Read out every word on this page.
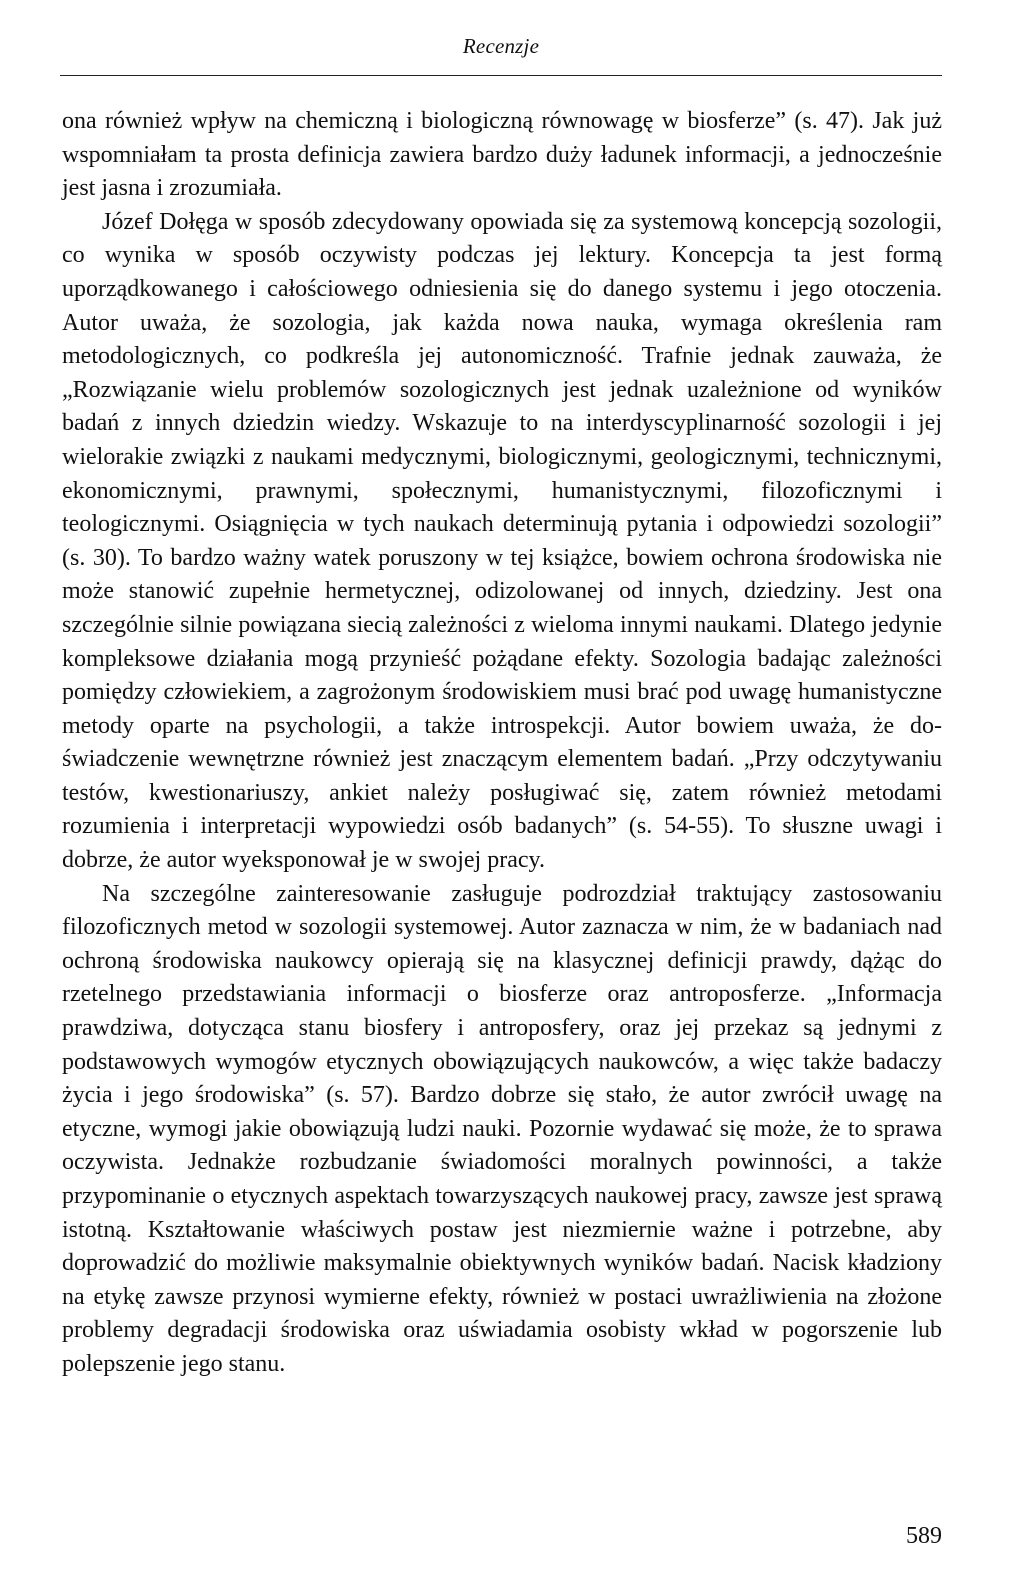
Recenzje

ona również wpływ na chemiczną i biologiczną równowagę w biosferze” (s. 47). Jak już wspomniałam ta prosta definicja zawiera bardzo duży ładunek informacji, a jednocześnie jest jasna i zrozumiała.

Józef Dołęga w sposób zdecydowany opowiada się za systemową koncepcją sozologii, co wynika w sposób oczywisty podczas jej lektury. Koncepcja ta jest formą uporządkowanego i całościowego odniesienia się do danego systemu i jego otoczenia. Autor uważa, że sozologia, jak każda nowa nauka, wymaga określenia ram metodologicznych, co podkreśla jej autonomiczność. Trafnie jednak zauważa, że „Rozwiązanie wielu problemów sozologicznych jest jednak uzależnione od wyników badań z innych dziedzin wiedzy. Wskazuje to na interdyscyplinarność sozologii i jej wielorakie związki z naukami medycznymi, biologicznymi, geologicznymi, technicznymi, ekonomicznymi, prawnymi, społecznymi, humanistycznymi, filozoficznymi i teologicznymi. Osiągnięcia w tych naukach determinują pytania i odpowiedzi sozologii” (s. 30). To bardzo ważny watek poruszony w tej książce, bowiem ochrona środowiska nie może stanowić zupełnie hermetycznej, odizolowanej od innych, dziedziny. Jest ona szczególnie silnie powiązana siecią zależności z wieloma innymi naukami. Dlatego jedynie kompleksowe działania mogą przynieść pożądane efekty. Sozologia badając zależności pomiędzy człowiekiem, a zagrożonym środowiskiem musi brać pod uwagę humanistyczne metody oparte na psychologii, a także introspekcji. Autor bowiem uważa, że doświadczenie wewnętrzne również jest znaczącym elementem badań. „Przy odczytywaniu testów, kwestionariuszy, ankiet należy posługiwać się, zatem również metodami rozumienia i interpretacji wypowiedzi osób badanych” (s. 54-55). To słuszne uwagi i dobrze, że autor wyeksponował je w swojej pracy.

Na szczególne zainteresowanie zasługuje podrozdział traktujący zastosowaniu filozoficznych metod w sozologii systemowej. Autor zaznacza w nim, że w badaniach nad ochroną środowiska naukowcy opierają się na klasycznej definicji prawdy, dążąc do rzetelnego przedstawiania informacji o biosferze oraz antroposferze. „Informacja prawdziwa, dotycząca stanu biosfery i antroposfery, oraz jej przekaz są jednymi z podstawowych wymogów etycznych obowiązujących naukowców, a więc także badaczy życia i jego środowiska” (s. 57). Bardzo dobrze się stało, że autor zwrócił uwagę na etyczne, wymogi jakie obowiązują ludzi nauki. Pozornie wydawać się może, że to sprawa oczywista. Jednakże rozbudzanie świadomości moralnych powinności, a także przypominanie o etycznych aspektach towarzyszących naukowej pracy, zawsze jest sprawą istotną. Kształtowanie właściwych postaw jest niezmiernie ważne i potrzebne, aby doprowadzić do możliwie maksymalnie obiektywnych wyników badań. Nacisk kładziony na etykę zawsze przynosi wymierne efekty, również w postaci uwrażliwienia na złożone problemy degradacji środowiska oraz uświadamia osobisty wkład w pogorszenie lub polepszenie jego stanu.

589
